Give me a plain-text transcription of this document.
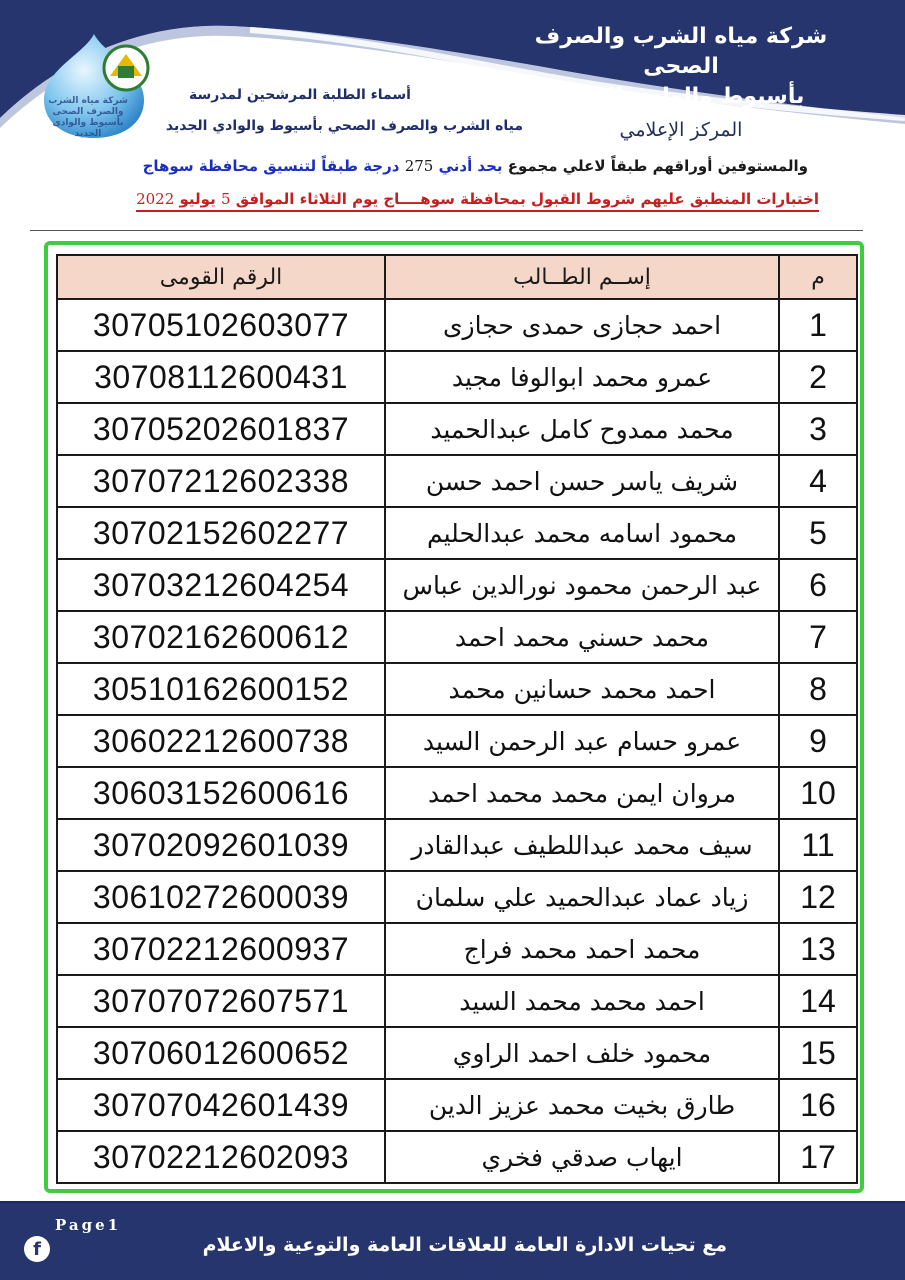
شركة مياه الشرب والصرف الصحى
بأسيوط والوادى الجديد
المركز الإعلامي
شركة مياه الشرب والصرف الصحى بأسيوط والوادى الجديد
أسماء الطلبة المرشحين لمدرسة
مياه الشرب والصرف الصحي بأسيوط والوادي الجديد
والمستوفين أوراقهم طبقاً لاعلي مجموع بحد أدني 275 درجة طبقاً لتنسيق محافظة سوهاج
اختبارات المنطبق عليهم شروط القبول بمحافظة سوهــــاج يوم الثلاثاء الموافق 5 يوليو 2022
الرقم القومى	إســم الطــالب	م
30705102603077	احمد حجازى حمدى حجازى	1
30708112600431	عمرو محمد ابوالوفا مجيد	2
30705202601837	محمد ممدوح كامل عبدالحميد	3
30707212602338	شريف ياسر حسن احمد حسن	4
30702152602277	محمود اسامه محمد عبدالحليم	5
30703212604254	عبد الرحمن محمود نورالدين عباس	6
30702162600612	محمد حسني محمد احمد	7
30510162600152	احمد محمد حسانين محمد	8
30602212600738	عمرو حسام عبد الرحمن السيد	9
30603152600616	مروان ايمن محمد محمد احمد	10
30702092601039	سيف محمد عبداللطيف عبدالقادر	11
30610272600039	زياد عماد عبدالحميد علي سلمان	12
30702212600937	محمد احمد محمد فراج	13
30707072607571	احمد محمد محمد السيد	14
30706012600652	محمود خلف احمد الراوي	15
30707042601439	طارق بخيت محمد عزيز الدين	16
30702212602093	ايهاب صدقي فخري	17
Page1
f	مع تحيات الادارة العامة للعلاقات العامة والتوعية والاعلام
